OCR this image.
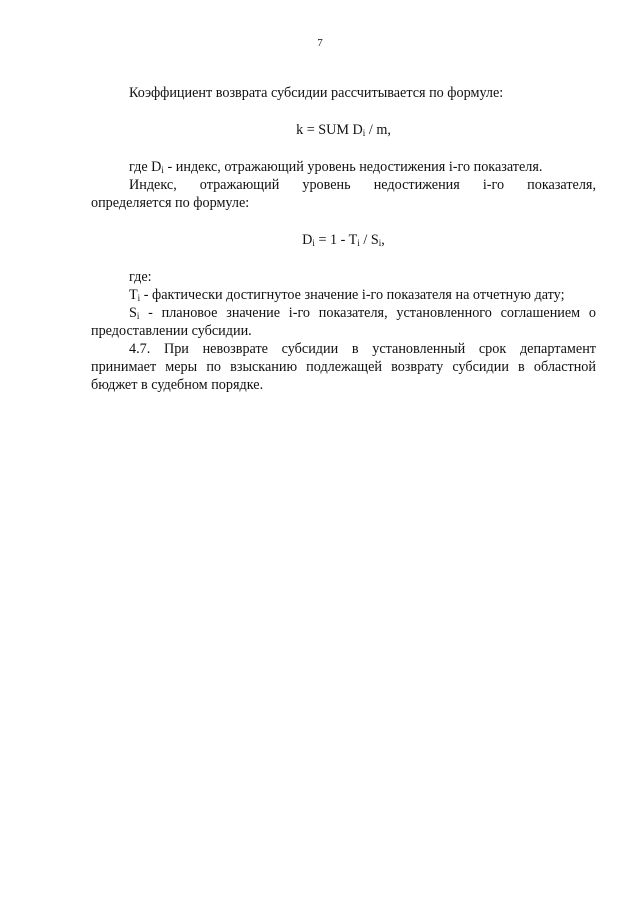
7

Коэффициент возврата субсидии рассчитывается по формуле:

k = SUM $D_i$ / m,

где $D_i$ - индекс, отражающий уровень недостижения i-го показателя.

Индекс, отражающий уровень недостижения i-го показателя,

определяется по формуле:

$D_i = 1 - T_i / S_i$,

где:

$T_i$ - фактически достигнутое значение i-го показателя на отчетную дату;

$S_i$ - плановое значение i-го показателя, установленного соглашением о

предоставлении субсидии.

4.7. При невозврате субсидии в установленный срок департамент

принимает меры по взысканию подлежащей возврату субсидии в областной

бюджет в судебном порядке.
